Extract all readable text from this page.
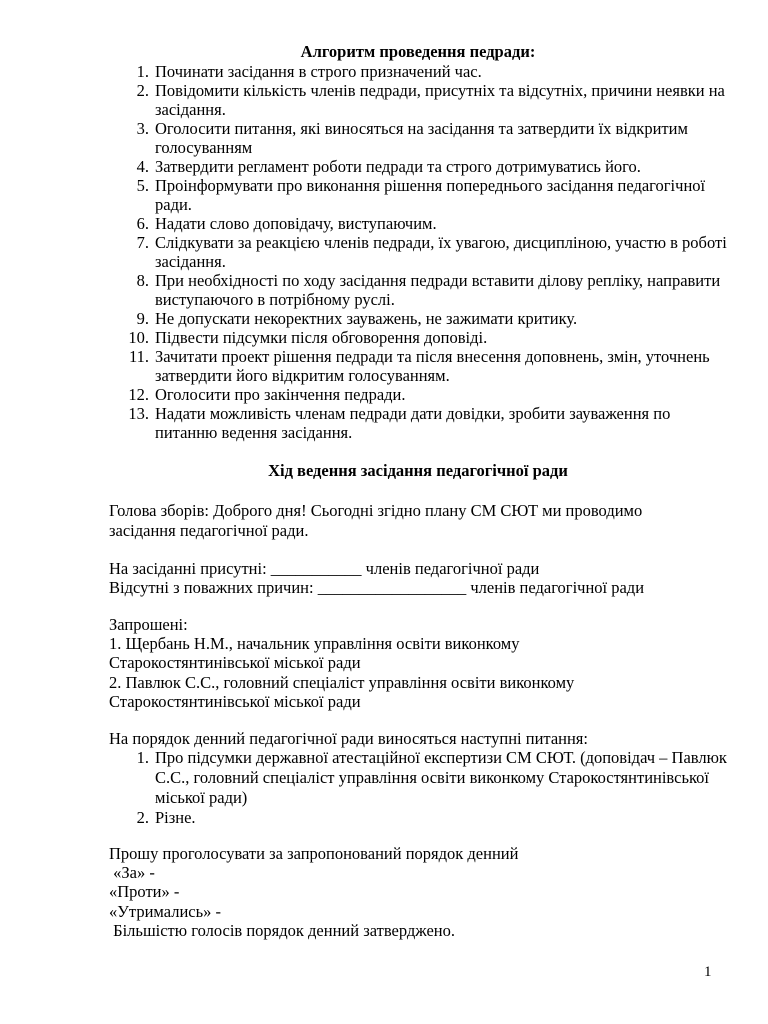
Алгоритм проведення педради:
1. Починати засідання в строго призначений час.
2. Повідомити кількість членів педради, присутніх та відсутніх, причини неявки на засідання.
3. Оголосити питання, які виносяться на засідання та затвердити їх відкритим голосуванням
4. Затвердити регламент роботи педради та строго дотримуватись його.
5. Проінформувати про виконання рішення попереднього засідання педагогічної ради.
6. Надати слово доповідачу, виступаючим.
7. Слідкувати за реакцією членів педради, їх увагою, дисципліною, участю в роботі засідання.
8. При необхідності по ходу засідання педради вставити ділову репліку, направити виступаючого в потрібному руслі.
9. Не допускати некоректних зауважень, не зажимати критику.
10. Підвести підсумки після обговорення доповіді.
11. Зачитати проект рішення педради та після внесення доповнень, змін, уточнень затвердити його відкритим голосуванням.
12. Оголосити про закінчення педради.
13. Надати можливість членам педради дати довідки, зробити зауваження по питанню ведення засідання.
Хід ведення засідання педагогічної ради
Голова зборів: Доброго дня! Сьогодні згідно плану СМ СЮТ ми проводимо
засідання педагогічної ради.
На засіданні присутні: ___________ членів педагогічної ради
Відсутні з поважних причин: __________________ членів педагогічної ради
Запрошені:
1. Щербань Н.М., начальник управління освіти виконкому
Старокостянтинівської міської ради
2. Павлюк С.С., головний спеціаліст управління освіти виконкому
Старокостянтинівської міської ради
На порядок денний педагогічної ради виносяться наступні питання:
1. Про підсумки державної атестаційної експертизи СМ СЮТ. (доповідач – Павлюк С.С., головний спеціаліст управління освіти виконкому Старокостянтинівської міської ради)
2. Різне.
Прошу проголосувати за запропонований порядок денний
«За» -
«Проти» -
«Утримались» -
Більшістю голосів порядок денний затверджено.
1
